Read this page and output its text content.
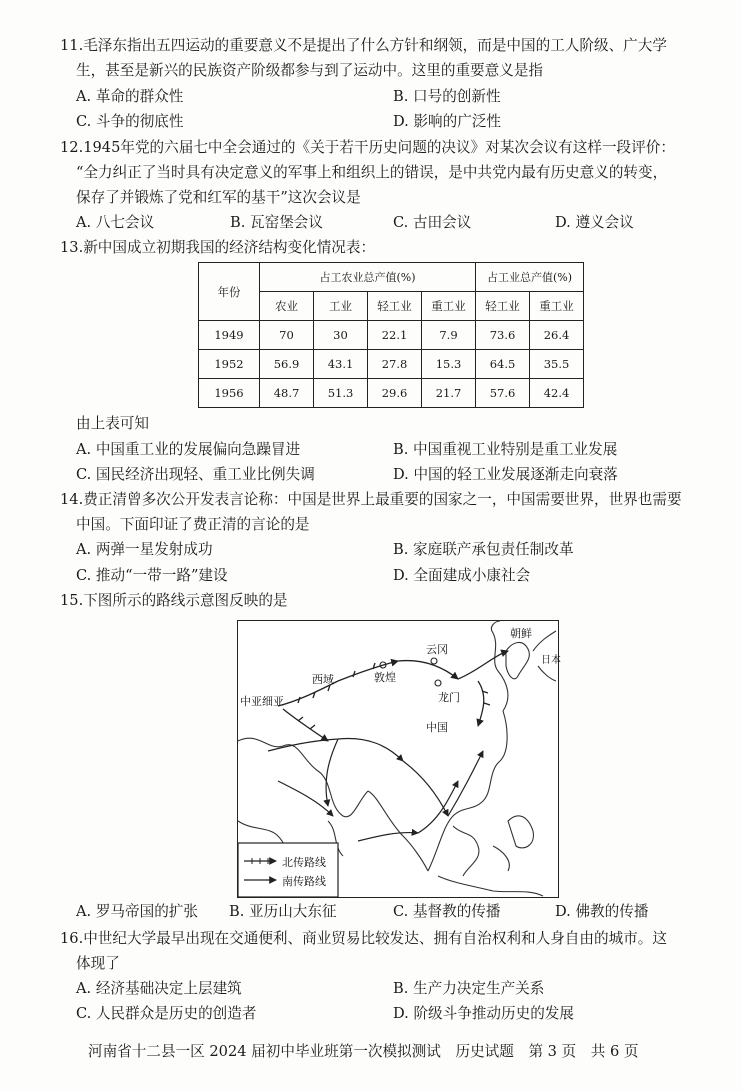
11.毛泽东指出五四运动的重要意义不是提出了什么方针和纲领，而是中国的工人阶级、广大学
生，甚至是新兴的民族资产阶级都参与到了运动中。这里的重要意义是指
A. 革命的群众性	B. 口号的创新性
C. 斗争的彻底性	D. 影响的广泛性
12.1945年党的六届七中全会通过的《关于若干历史问题的决议》对某次会议有这样一段评价：
“全力纠正了当时具有决定意义的军事上和组织上的错误，是中共党内最有历史意义的转变，
保存了并锻炼了党和红军的基干”这次会议是
A. 八七会议	B. 瓦窑堡会议	C. 古田会议	D. 遵义会议
13.新中国成立初期我国的经济结构变化情况表：
年份	占工农业总产值(%)				占工业总产值(%)	
	农业	工业	轻工业	重工业	轻工业	重工业
1949	70	30	22.1	7.9	73.6	26.4
1952	56.9	43.1	27.8	15.3	64.5	35.5
1956	48.7	51.3	29.6	21.7	57.6	42.4
由上表可知
A. 中国重工业的发展偏向急躁冒进	B. 中国重视工业特别是重工业发展
C. 国民经济出现轻、重工业比例失调	D. 中国的轻工业发展逐渐走向衰落
14.费正清曾多次公开发表言论称：中国是世界上最重要的国家之一，中国需要世界，世界也需要
中国。下面印证了费正清的言论的是
A. 两弹一星发射成功	B. 家庭联产承包责任制改革
C. 推动“一带一路”建设	D. 全面建成小康社会
15.下图所示的路线示意图反映的是
北传路线
南传路线
朝鲜
日本
云冈
西域	敦煌
龙门
中亚细亚
中国
A. 罗马帝国的扩张 B. 亚历山大东征	C. 基督教的传播	D. 佛教的传播
16.中世纪大学最早出现在交通便利、商业贸易比较发达、拥有自治权利和人身自由的城市。这
体现了
A. 经济基础决定上层建筑	B. 生产力决定生产关系
C. 人民群众是历史的创造者	D. 阶级斗争推动历史的发展
河南省十二县一区 2024 届初中毕业班第一次模拟测试　历史试题　第 3 页　共 6 页
